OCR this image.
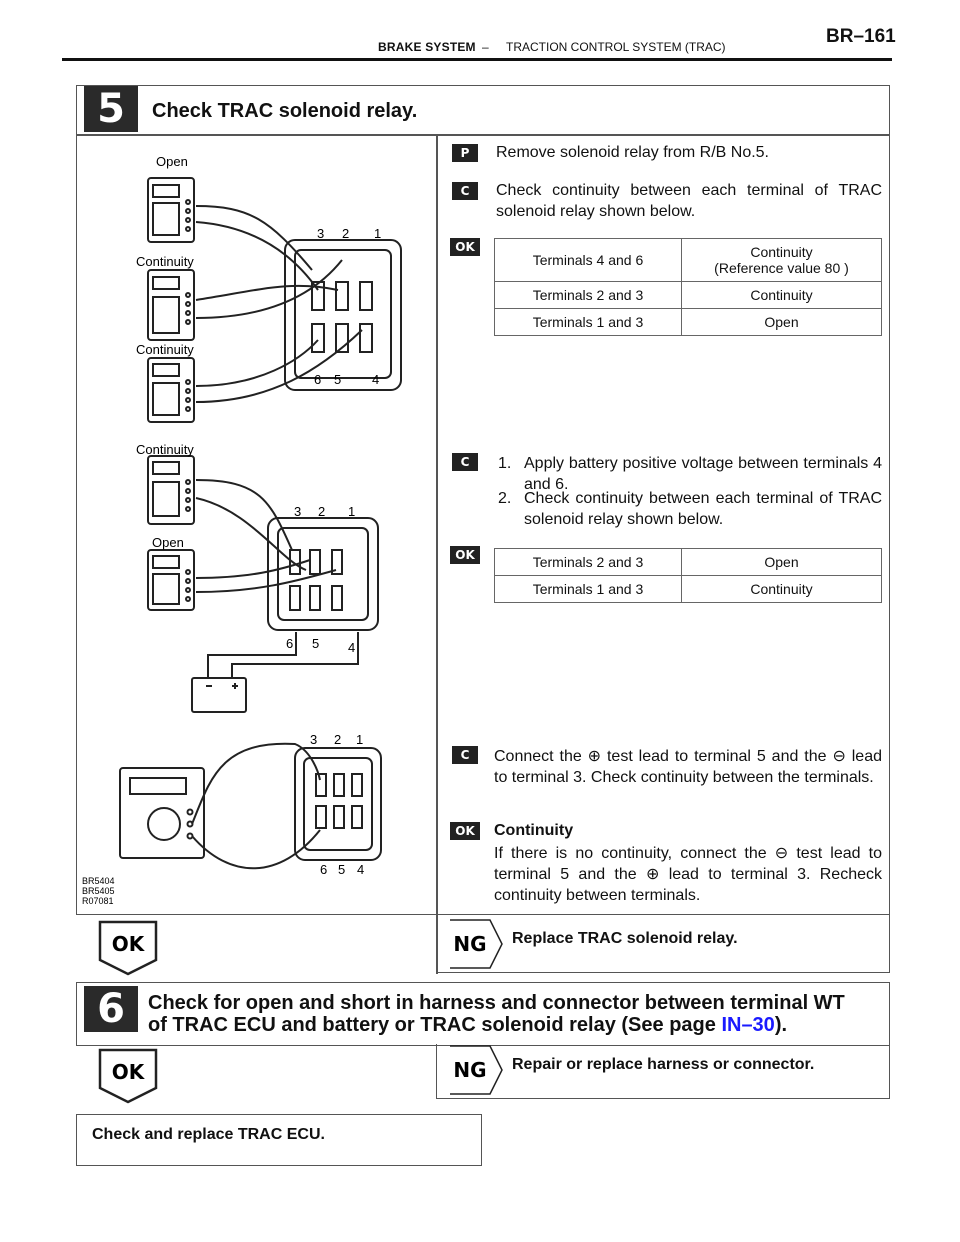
BRAKE SYSTEM – TRACTION CONTROL SYSTEM (TRAC)	BR–161
5	Check TRAC solenoid relay.
Open
Continuity
Continuity
Continuity
Open
3 2 1
6 5 4
3 2 1
6 5 4
3 2 1
6 5 4
BR5404
BR5405
R07081
P	Remove solenoid relay from R/B No.5.
C	Check continuity between each terminal of TRAC solenoid relay shown below.
OK
Terminals 4 and 6	Continuity
(Reference value 80 )

Terminals 2 and 3	Continuity
Terminals 1 and 3	Open
C	1. Apply battery positive voltage between terminals 4 and 6.
2. Check continuity between each terminal of TRAC solenoid relay shown below.
OK	Terminals 2 and 3	Open
Terminals 1 and 3	Continuity
C	Connect the ⊕ test lead to terminal 5 and the ⊖ lead to terminal 3. Check continuity between the terminals.
OK	Continuity
If there is no continuity, connect the ⊖ test lead to terminal 5 and the ⊕ lead to terminal 3. Recheck continuity between terminals.
OK	NG Replace TRAC solenoid relay.
6	Check for open and short in harness and connector between terminal WT
of TRAC ECU and battery or TRAC solenoid relay (See page IN–30).
OK	NG Repair or replace harness or connector.
Check and replace TRAC ECU.
